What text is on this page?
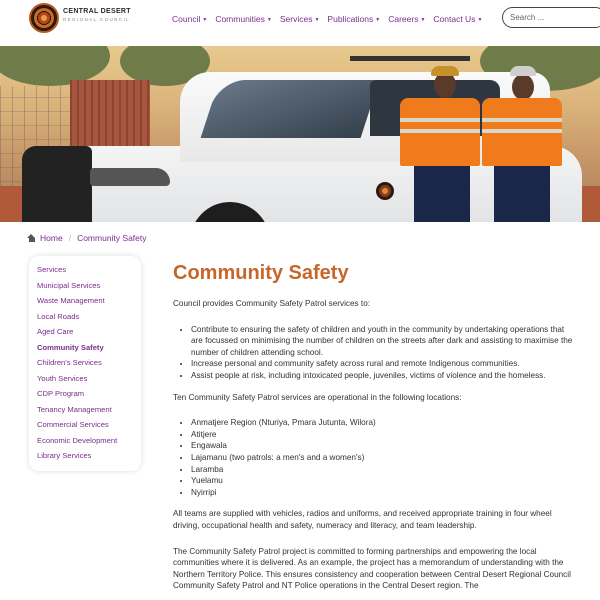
CENTRAL DESERT
REGIONAL COUNCIL	Council ▼ Communities ▼ Services ▼ Publications ▼ Careers ▼ Contact Us ▼	Search ...
Home / Community Safety
Services
Municipal Services
Waste Management
Local Roads
Aged Care
Community Safety
Children's Services
Youth Services
CDP Program
Tenancy Management
Commercial Services
Economic Development
Library Services
Community Safety

Council provides Community Safety Patrol services to:

• Contribute to ensuring the safety of children and youth in the community by undertaking operations that are focussed on minimising the number of children on the streets after dark and assisting to maximise the number of children attending school.
• Increase personal and community safety across rural and remote Indigenous communities.
• Assist people at risk, including intoxicated people, juveniles, victims of violence and the homeless.

Ten Community Safety Patrol services are operational in the following locations:

• Anmatjere Region (Nturiya, Pmara Jutunta, Wilora)
• Atitjere
• Engawala
• Lajamanu (two patrols: a men's and a women's)
• Laramba
• Yuelamu
• Nyirripi

All teams are supplied with vehicles, radios and uniforms, and received appropriate training in four wheel driving, occupational health and safety, numeracy and literacy, and team leadership.

The Community Safety Patrol project is committed to forming partnerships and empowering the local communities where it is delivered. As an example, the project has a memorandum of understanding with the Northern Territory Police. This ensures consistency and cooperation between Central Desert Regional Council Community Safety Patrol and NT Police operations in the Central Desert region. The
